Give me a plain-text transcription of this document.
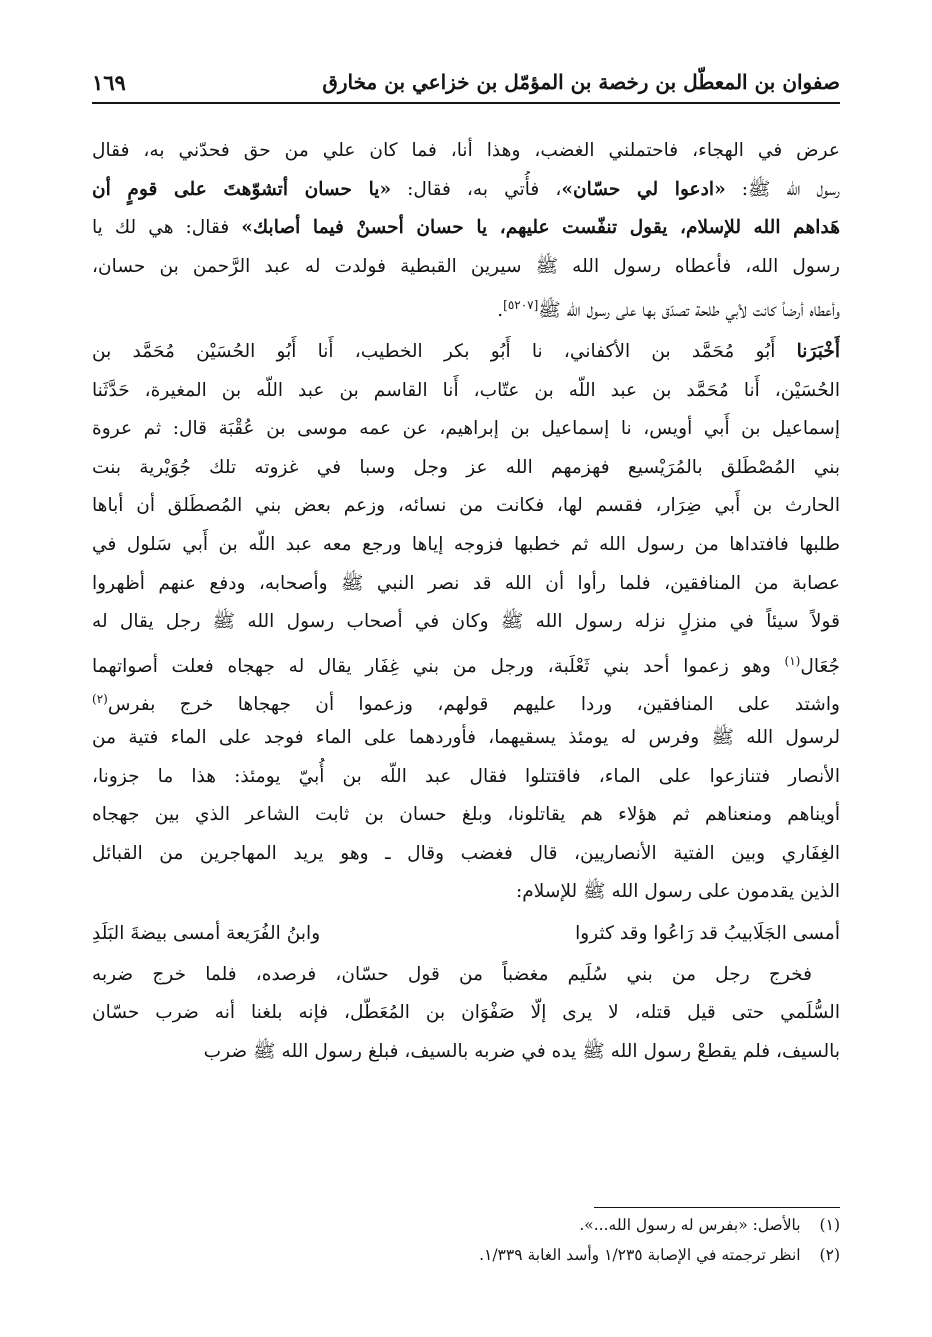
صفوان بن المعطّل بن رخصة بن المؤمّل بن خزاعي بن مخارق
١٦٩
عرض في الهجاء، فاحتملني الغضب، وهذا أنا، فما كان علي من حق فحدّني به، فقال
رسول الله ﷺ: «ادعوا لي حسّان»، فأُتي به، فقال: «يا حسان أتشوّهتَ على قومٍ أن
هَداهم الله للإسلام، يقول تنفّست عليهم، يا حسان أحسنْ فيما أصابك» فقال: هي لك يا
رسول الله، فأعطاه رسول الله ﷺ سيرين القبطية فولدت له عبد الرَّحمن بن حسان،
وأعطاه أرضاً كانت لأبي طلحة تصدّق بها على رسول الله ﷺ[٥٢٠٧].
أَخْبَرَنا أَبُو مُحَمَّد بن الأكفاني، نا أَبُو بكر الخطيب، أَنا أَبُو الحُسَيْن مُحَمَّد بن
الحُسَيْن، أَنا مُحَمَّد بن عبد اللّه بن عتّاب، أَنا القاسم بن عبد اللّه بن المغيرة، حَدَّثَنا
إسماعيل بن أَبي أويس، نا إسماعيل بن إبراهيم، عن عمه موسى بن عُقْبَة قال: ثم عروة
بني المُصْطَلق بالمُرَيْسيع فهزمهم الله عز وجل وسبا في غزوته تلك جُوَيْرية بنت
الحارث بن أَبي ضِرَار، فقسم لها، فكانت من نسائه، وزعم بعض بني المُصطَلق أن أباها
طلبها فافتداها من رسول الله ثم خطبها فزوجه إياها ورجع معه عبد اللّه بن أَبي سَلول في
عصابة من المنافقين، فلما رأوا أن الله قد نصر النبي ﷺ وأصحابه، ودفع عنهم أظهروا
قولاً سيئاً في منزلٍ نزله رسول الله ﷺ وكان في أصحاب رسول الله ﷺ رجل يقال له
جُعَال$^{(١)}$ وهو زعموا أحد بني ثَعْلَبة، ورجل من بني غِفَار يقال له جهجاه فعلت أصواتهما
واشتد على المنافقين، وردا عليهم قولهم، وزعموا أن جهجاها خرج بفرس$^{(٢)}$
لرسول الله ﷺ وفرس له يومئذ يسقيهما، فأوردهما على الماء فوجد على الماء فتية من
الأنصار فتنازعوا على الماء، فاقتتلوا فقال عبد اللّه بن أُبيّ يومئذ: هذا ما جزونا،
أويناهم ومنعناهم ثم هؤلاء هم يقاتلونا، وبلغ حسان بن ثابت الشاعر الذي بين جهجاه
الغِفَاري وبين الفتية الأنصاريين، قال فغضب وقال ـ وهو يريد المهاجرين من القبائل
الذين يقدمون على رسول الله ﷺ للإسلام:
أمسى الجَلَابيبُ قد رَاعُوا وقد كثروا
وابنُ الفُرَيعة أمسى بيضةَ البَلَدِ
فخرج رجل من بني سُلَيم مغضباً من قول حسّان، فرصده، فلما خرج ضربه
السُّلَمي حتى قيل قتله، لا يرى إلّا صَفْوَان بن المُعَطّل، فإنه بلغنا أنه ضرب حسّان
بالسيف، فلم يقطعْ رسول الله ﷺ يده في ضربه بالسيف، فبلغ رسول الله ﷺ ضرب
(١) بالأصل: «بفرس له رسول الله...».
(٢) انظر ترجمته في الإصابة ١/٢٣٥ وأسد الغابة ١/٣٣٩.
